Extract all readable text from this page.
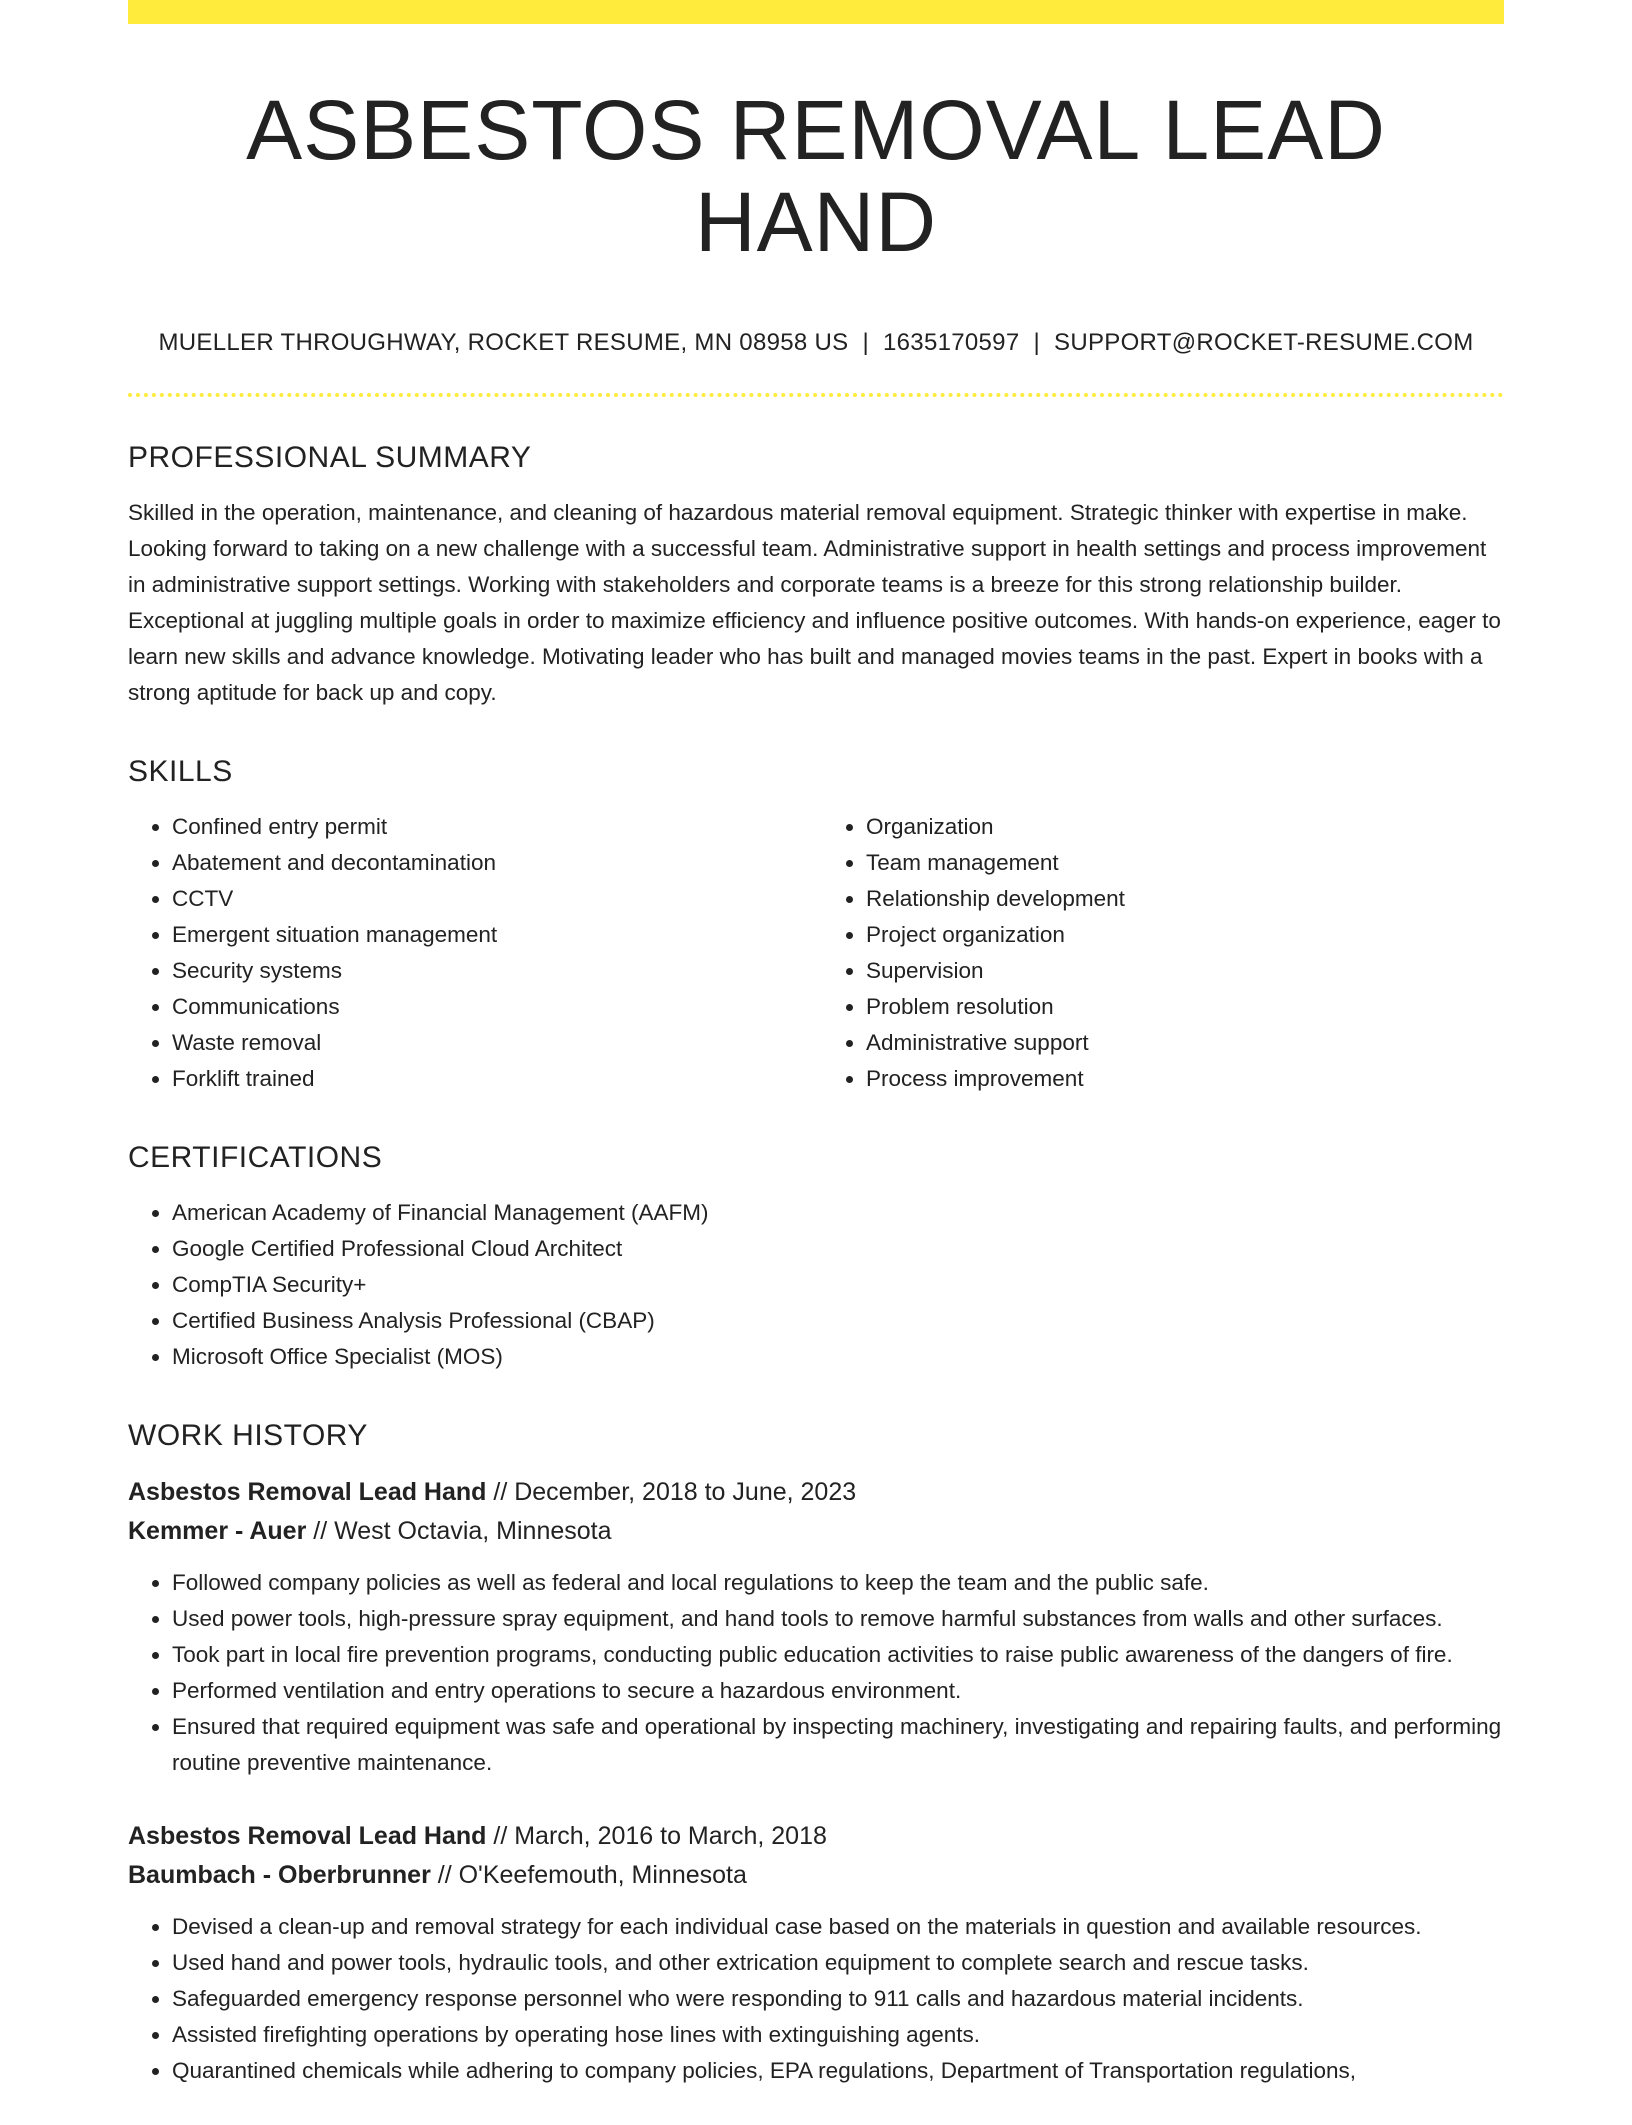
ASBESTOS REMOVAL LEAD HAND
MUELLER THROUGHWAY, ROCKET RESUME, MN 08958 US | 1635170597 | SUPPORT@ROCKET-RESUME.COM
PROFESSIONAL SUMMARY

Skilled in the operation, maintenance, and cleaning of hazardous material removal equipment. Strategic thinker with expertise in make. Looking forward to taking on a new challenge with a successful team. Administrative support in health settings and process improvement in administrative support settings. Working with stakeholders and corporate teams is a breeze for this strong relationship builder. Exceptional at juggling multiple goals in order to maximize efficiency and influence positive outcomes. With hands-on experience, eager to learn new skills and advance knowledge. Motivating leader who has built and managed movies teams in the past. Expert in books with a strong aptitude for back up and copy.

SKILLS
• Confined entry permit
• Abatement and decontamination
• CCTV
• Emergent situation management
• Security systems
• Communications
• Waste removal
• Forklift trained
• Organization
• Team management
• Relationship development
• Project organization
• Supervision
• Problem resolution
• Administrative support
• Process improvement
CERTIFICATIONS
• American Academy of Financial Management (AAFM)
• Google Certified Professional Cloud Architect
• CompTIA Security+
• Certified Business Analysis Professional (CBAP)
• Microsoft Office Specialist (MOS)
WORK HISTORY
Asbestos Removal Lead Hand // December, 2018 to June, 2023
Kemmer - Auer // West Octavia, Minnesota
• Followed company policies as well as federal and local regulations to keep the team and the public safe.
• Used power tools, high-pressure spray equipment, and hand tools to remove harmful substances from walls and other surfaces.
• Took part in local fire prevention programs, conducting public education activities to raise public awareness of the dangers of fire.
• Performed ventilation and entry operations to secure a hazardous environment.
• Ensured that required equipment was safe and operational by inspecting machinery, investigating and repairing faults, and performing routine preventive maintenance.
Asbestos Removal Lead Hand // March, 2016 to March, 2018
Baumbach - Oberbrunner // O'Keefemouth, Minnesota
• Devised a clean-up and removal strategy for each individual case based on the materials in question and available resources.
• Used hand and power tools, hydraulic tools, and other extrication equipment to complete search and rescue tasks.
• Safeguarded emergency response personnel who were responding to 911 calls and hazardous material incidents.
• Assisted firefighting operations by operating hose lines with extinguishing agents.
• Quarantined chemicals while adhering to company policies, EPA regulations, Department of Transportation regulations,
